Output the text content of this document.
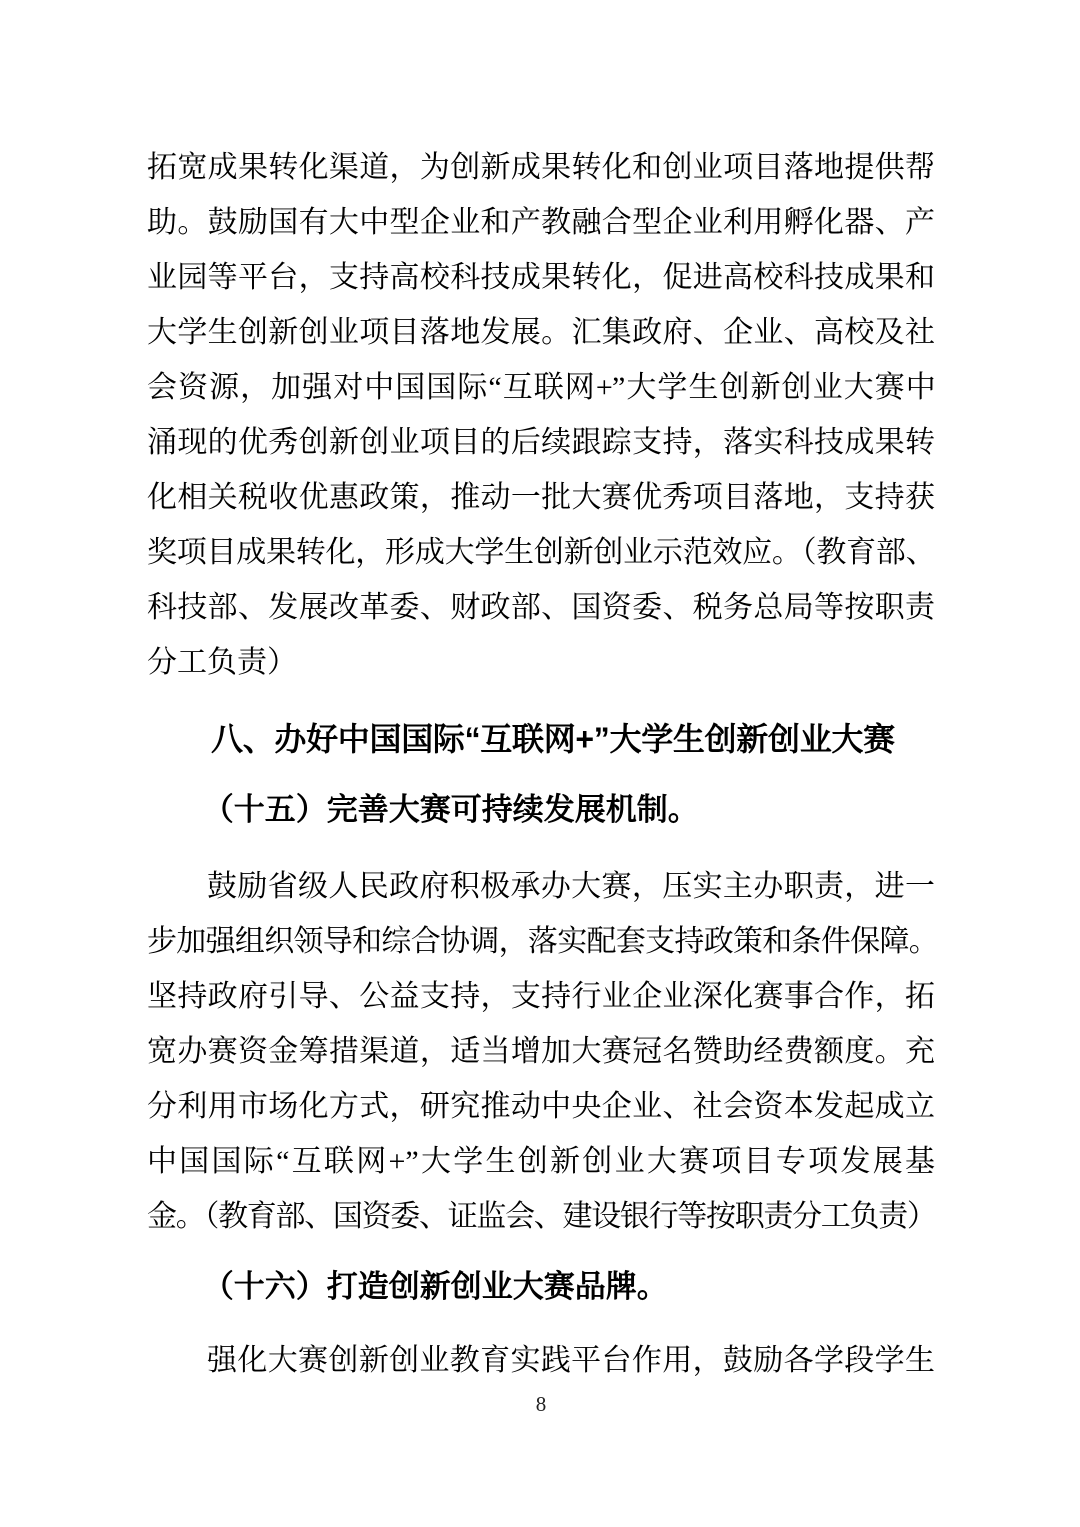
拓宽成果转化渠道，为创新成果转化和创业项目落地提供帮
助。鼓励国有大中型企业和产教融合型企业利用孵化器、产
业园等平台，支持高校科技成果转化，促进高校科技成果和
大学生创新创业项目落地发展。汇集政府、企业、高校及社
会资源，加强对中国国际“互联网+”大学生创新创业大赛中
涌现的优秀创新创业项目的后续跟踪支持，落实科技成果转
化相关税收优惠政策，推动一批大赛优秀项目落地，支持获
奖项目成果转化，形成大学生创新创业示范效应。（教育部、
科技部、发展改革委、财政部、国资委、税务总局等按职责
分工负责）
八、办好中国国际“互联网+”大学生创新创业大赛
（十五）完善大赛可持续发展机制。
鼓励省级人民政府积极承办大赛，压实主办职责，进一
步加强组织领导和综合协调，落实配套支持政策和条件保障。
坚持政府引导、公益支持，支持行业企业深化赛事合作，拓
宽办赛资金筹措渠道，适当增加大赛冠名赞助经费额度。充
分利用市场化方式，研究推动中央企业、社会资本发起成立
中国国际“互联网+”大学生创新创业大赛项目专项发展基
金。（教育部、国资委、证监会、建设银行等按职责分工负责）
（十六）打造创新创业大赛品牌。
强化大赛创新创业教育实践平台作用，鼓励各学段学生
8
